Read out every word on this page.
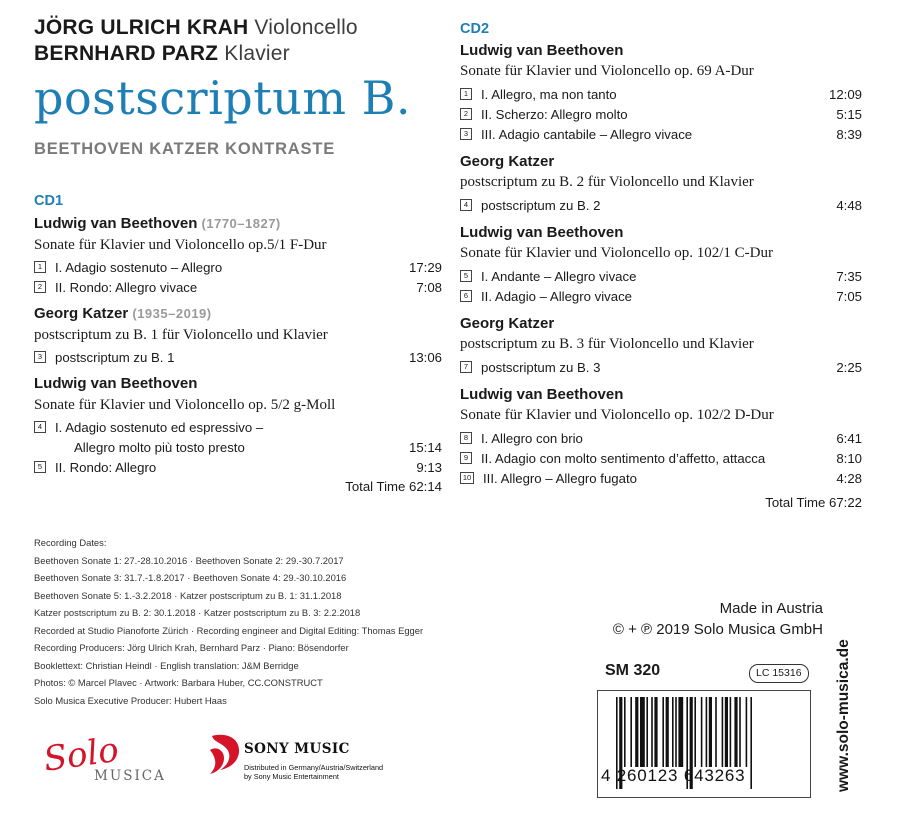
JÖRG ULRICH KRAH Violoncello
BERNHARD PARZ Klavier
postscriptum B.
BEETHOVEN KATZER KONTRASTE
CD1
Ludwig van Beethoven (1770–1827)
Sonate für Klavier und Violoncello op.5/1 F-Dur
1 I. Adagio sostenuto – Allegro	17:29
2 II. Rondo: Allegro vivace	7:08
Georg Katzer (1935–2019)
postscriptum zu B. 1 für Violoncello und Klavier
3 postscriptum zu B. 1	13:06
Ludwig van Beethoven
Sonate für Klavier und Violoncello op. 5/2 g-Moll
4 I. Adagio sostenuto ed espressivo –
Allegro molto più tosto presto	15:14
5 II. Rondo: Allegro	9:13
Total Time 62:14
CD2
Ludwig van Beethoven
Sonate für Klavier und Violoncello op. 69 A-Dur
1 I. Allegro, ma non tanto	12:09
2 II. Scherzo: Allegro molto	5:15
3 III. Adagio cantabile – Allegro vivace	8:39
Georg Katzer
postscriptum zu B. 2 für Violoncello und Klavier
4 postscriptum zu B. 2	4:48
Ludwig van Beethoven
Sonate für Klavier und Violoncello op. 102/1 C-Dur
5 I. Andante – Allegro vivace	7:35
6 II. Adagio – Allegro vivace	7:05
Georg Katzer
postscriptum zu B. 3 für Violoncello und Klavier
7 postscriptum zu B. 3	2:25
Ludwig van Beethoven
Sonate für Klavier und Violoncello op. 102/2 D-Dur
8 I. Allegro con brio	6:41
9 II. Adagio con molto sentimento d’affetto, attacca	8:10
10 III. Allegro – Allegro fugato	4:28
Total Time 67:22
Recording Dates:
Beethoven Sonate 1: 27.-28.10.2016 · Beethoven Sonate 2: 29.-30.7.2017
Beethoven Sonate 3: 31.7.-1.8.2017 · Beethoven Sonate 4: 29.-30.10.2016
Beethoven Sonate 5: 1.-3.2.2018 · Katzer postscriptum zu B. 1: 31.1.2018
Katzer postscriptum zu B. 2: 30.1.2018 · Katzer postscriptum zu B. 3: 2.2.2018
Recorded at Studio Pianoforte Zürich · Recording engineer and Digital Editing: Thomas Egger
Recording Producers: Jörg Ulrich Krah, Bernhard Parz · Piano: Bösendorfer
Booklettext: Christian Heindl · English translation: J&M Berridge
Photos: © Marcel Plavec · Artwork: Barbara Huber, CC.CONSTRUCT
Solo Musica Executive Producer: Hubert Haas
Made in Austria
© + ℗ 2019 Solo Musica GmbH
SM 320	LC 15316
4 260123 643263	www.solo-musica.de
Solo
MUSICA
SONY MUSIC
Distributed in Germany/Austria/Switzerland
by Sony Music Entertainment
